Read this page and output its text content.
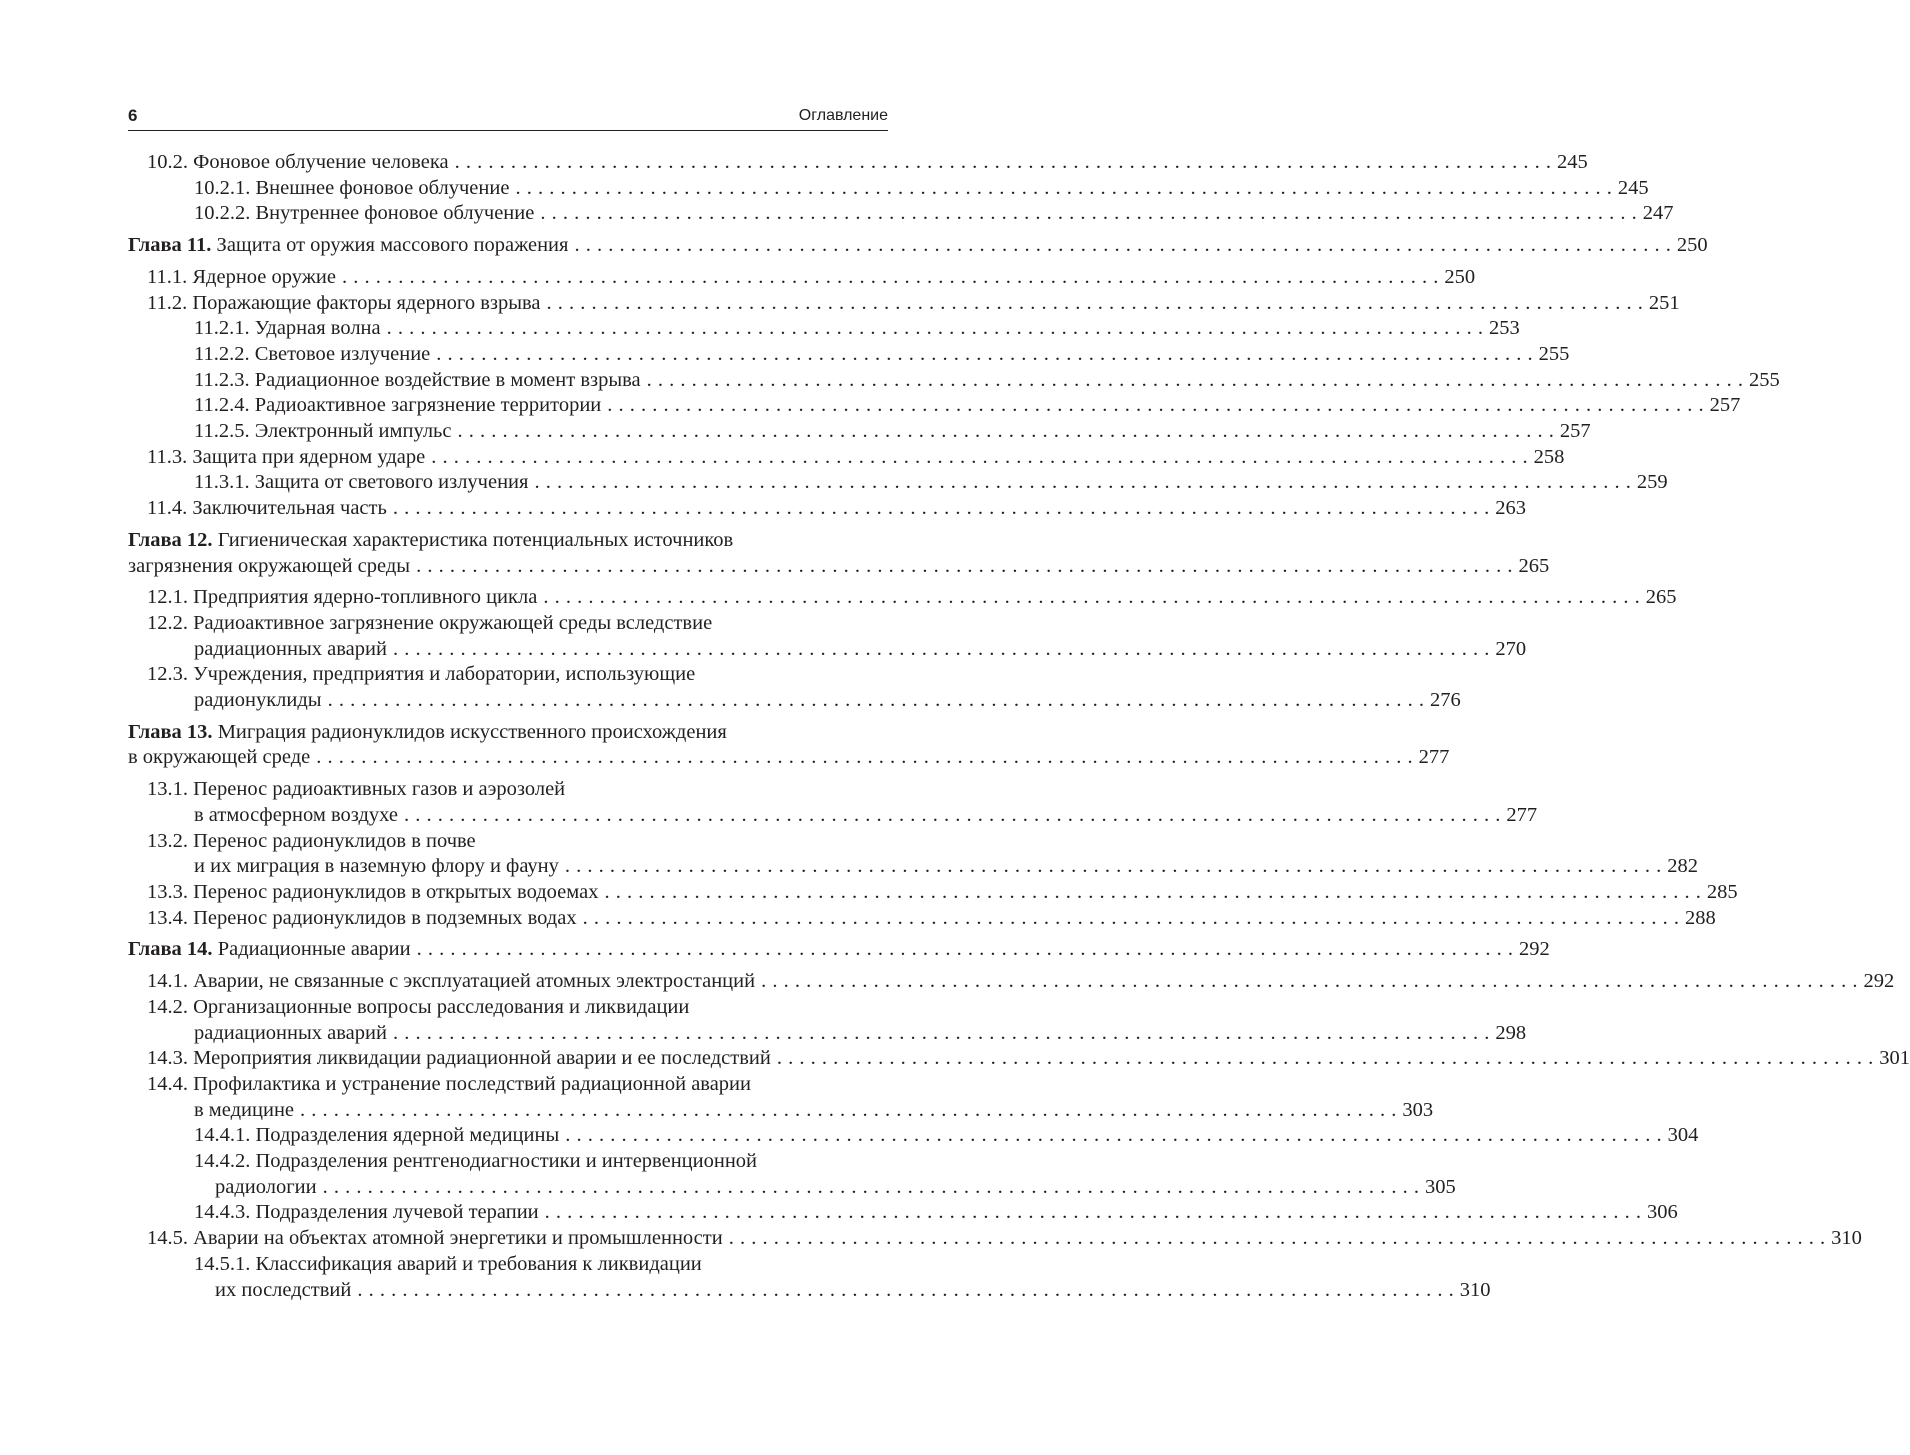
6	Оглавление
10.2. Фоновое облучение человека . . .	245
10.2.1. Внешнее фоновое облучение . . .	245
10.2.2. Внутреннее фоновое облучение . . .	247
Глава 11. Защита от оружия массового поражения . . .	250
11.1. Ядерное оружие . . .	250
11.2. Поражающие факторы ядерного взрыва . . .	251
11.2.1. Ударная волна . . .	253
11.2.2. Световое излучение . . .	255
11.2.3. Радиационное воздействие в момент взрыва . . .	255
11.2.4. Радиоактивное загрязнение территории . . .	257
11.2.5. Электронный импульс . . .	257
11.3. Защита при ядерном ударе . . .	258
11.3.1. Защита от светового излучения . . .	259
11.4. Заключительная часть . . .	263
Глава 12. Гигиеническая характеристика потенциальных источников
загрязнения окружающей среды . . .	265
12.1. Предприятия ядерно-топливного цикла . . .	265
12.2. Радиоактивное загрязнение окружающей среды вследствие
радиационных аварий . . .	270
12.3. Учреждения, предприятия и лаборатории, использующие
радионуклиды . . .	276
Глава 13. Миграция радионуклидов искусственного происхождения
в окружающей среде . . .	277
13.1. Перенос радиоактивных газов и аэрозолей
в атмосферном воздухе . . .	277
13.2. Перенос радионуклидов в почве
и их миграция в наземную флору и фауну . . .	282
13.3. Перенос радионуклидов в открытых водоемах . . .	285
13.4. Перенос радионуклидов в подземных водах . . .	288
Глава 14. Радиационные аварии . . .	292
14.1. Аварии, не связанные с эксплуатацией атомных электростанций . . .	292
14.2. Организационные вопросы расследования и ликвидации
радиационных аварий . . .	298
14.3. Мероприятия ликвидации радиационной аварии и ее последствий . . .	301
14.4. Профилактика и устранение последствий радиационной аварии
в медицине . . .	303
14.4.1. Подразделения ядерной медицины . . .	304
14.4.2. Подразделения рентгенодиагностики и интервенционной
радиологии . . .	305
14.4.3. Подразделения лучевой терапии . . .	306
14.5. Аварии на объектах атомной энергетики и промышленности . . .	310
14.5.1. Классификация аварий и требования к ликвидации
их последствий . . .	310
